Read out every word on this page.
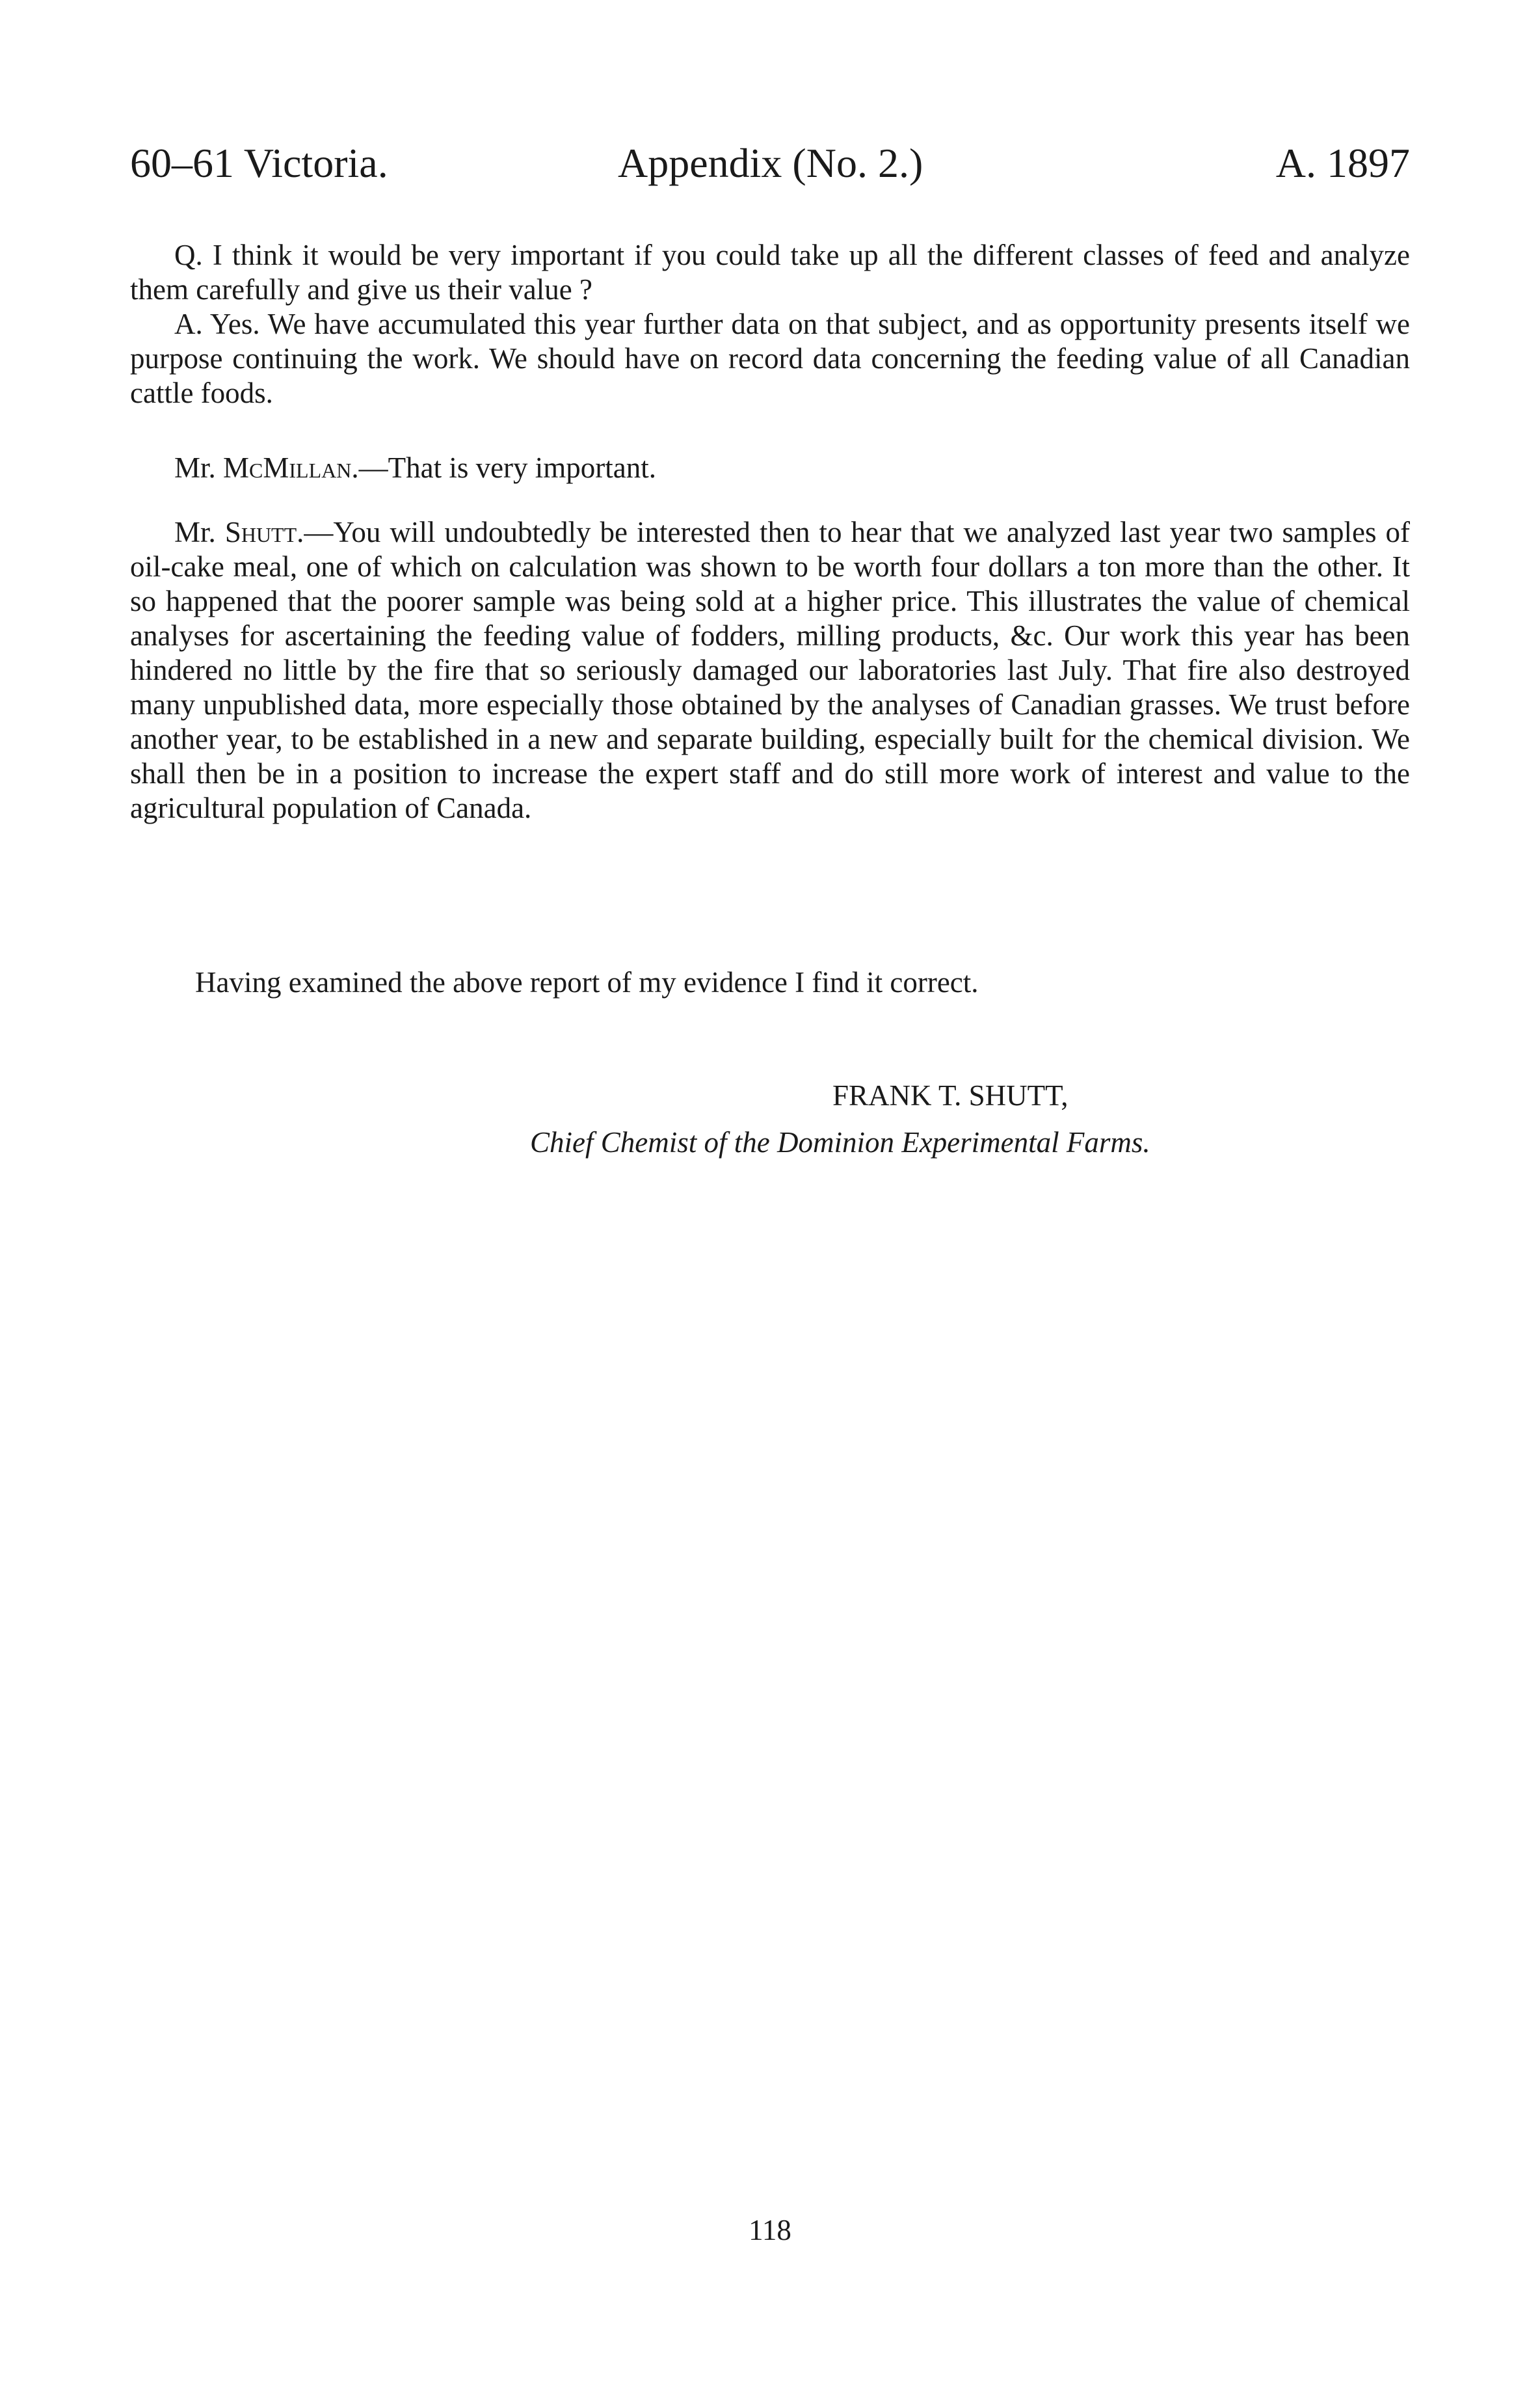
60–61 Victoria.	Appendix (No. 2.)	A. 1897

Q. I think it would be very important if you could take up all the different classes of feed and analyze them carefully and give us their value ?

A. Yes. We have accumulated this year further data on that subject, and as opportunity presents itself we purpose continuing the work. We should have on record data concerning the feeding value of all Canadian cattle foods.

Mr. McMillan.—That is very important.

Mr. Shutt.—You will undoubtedly be interested then to hear that we analyzed last year two samples of oil-cake meal, one of which on calculation was shown to be worth four dollars a ton more than the other. It so happened that the poorer sample was being sold at a higher price. This illustrates the value of chemical analyses for ascertaining the feeding value of fodders, milling products, &c. Our work this year has been hindered no little by the fire that so seriously damaged our laboratories last July. That fire also destroyed many unpublished data, more especially those obtained by the analyses of Canadian grasses. We trust before another year, to be established in a new and separate building, especially built for the chemical division. We shall then be in a position to increase the expert staff and do still more work of interest and value to the agricultural population of Canada.

Having examined the above report of my evidence I find it correct.
FRANK T. SHUTT,
Chief Chemist of the Dominion Experimental Farms.
118
